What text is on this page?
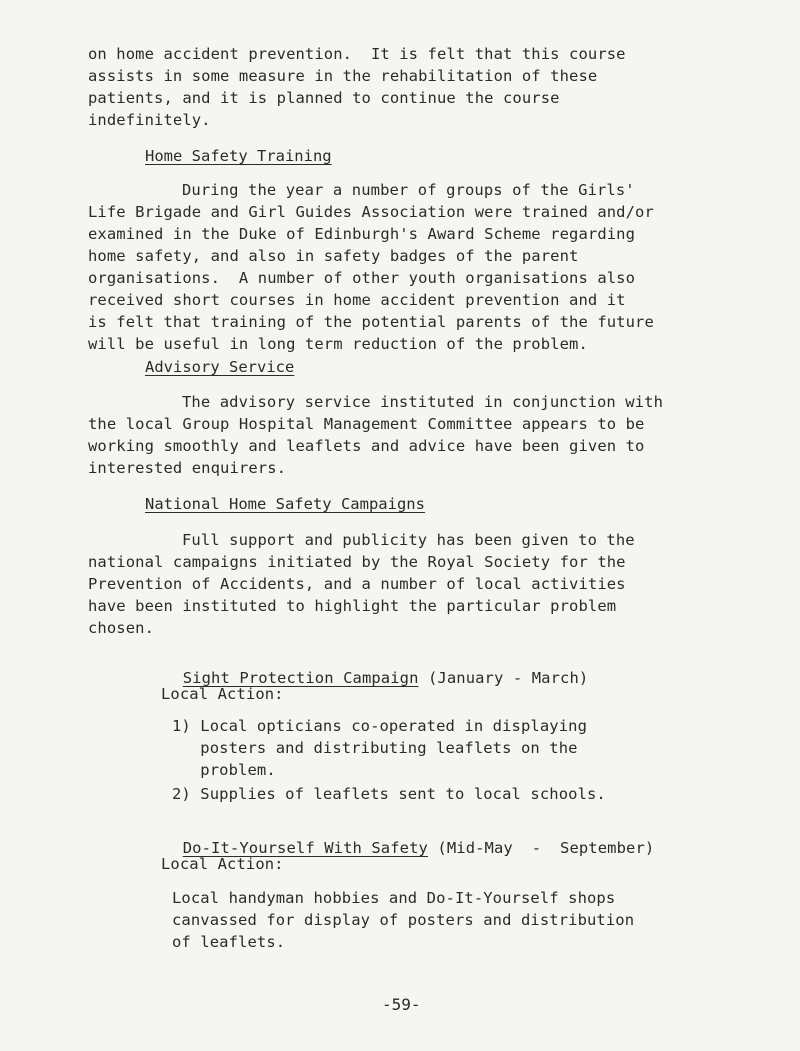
on home accident prevention.  It is felt that this course
assists in some measure in the rehabilitation of these
patients, and it is planned to continue the course
indefinitely.
Home Safety Training
During the year a number of groups of the Girls'
Life Brigade and Girl Guides Association were trained and/or
examined in the Duke of Edinburgh's Award Scheme regarding
home safety, and also in safety badges of the parent
organisations.  A number of other youth organisations also
received short courses in home accident prevention and it
is felt that training of the potential parents of the future
will be useful in long term reduction of the problem.
Advisory Service
The advisory service instituted in conjunction with
the local Group Hospital Management Committee appears to be
working smoothly and leaflets and advice have been given to
interested enquirers.
National Home Safety Campaigns
Full support and publicity has been given to the
national campaigns initiated by the Royal Society for the
Prevention of Accidents, and a number of local activities
have been instituted to highlight the particular problem
chosen.

Sight Protection Campaign (January - March)

Local Action:
1) Local opticians co-operated in displaying
posters and distributing leaflets on the
problem.
2) Supplies of leaflets sent to local schools.

Do-It-Yourself With Safety (Mid-May  -  September)

Local Action:
Local handyman hobbies and Do-It-Yourself shops
canvassed for display of posters and distribution
of leaflets.
-59-
